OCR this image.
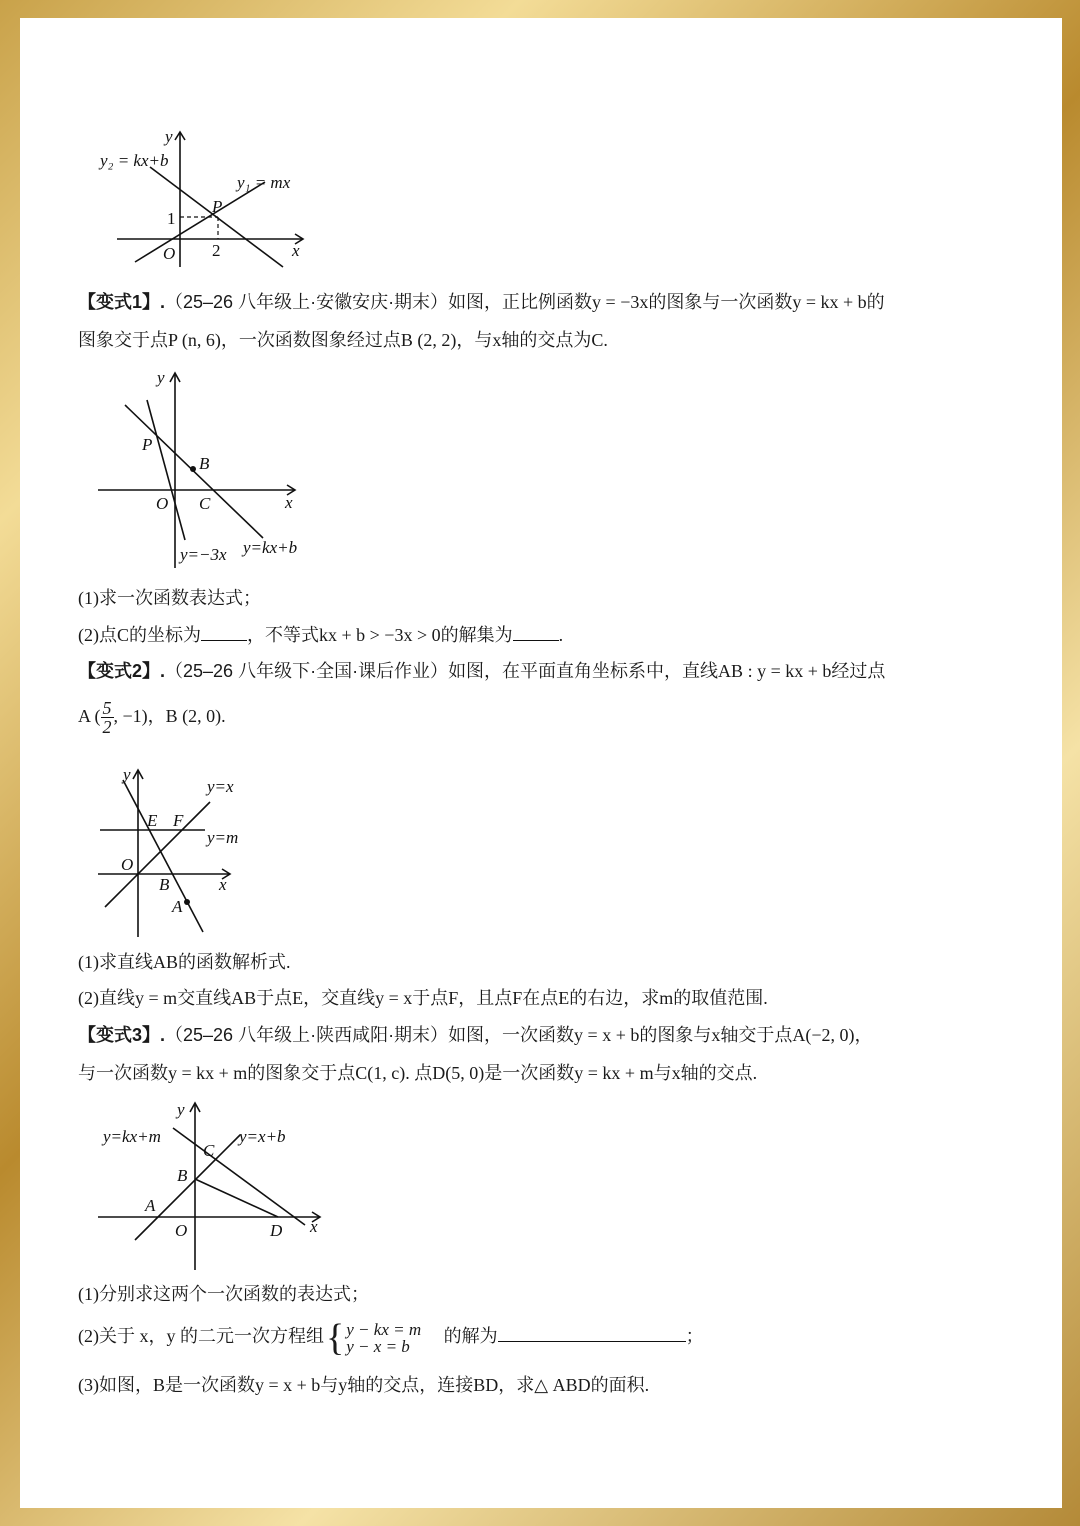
y₂ = kx+b
y₁ = mx
P
O	x
y
1
2
【变式1】.（25–26 八年级上·安徽安庆·期末）如图，正比例函数y = −3x的图象与一次函数y = kx + b的
图象交于点P (n, 6)，一次函数图象经过点B (2, 2)，与x轴的交点为C.
y
x
P
B
O C
y=−3x y=kx+b
(1)求一次函数表达式；
(2)点C的坐标为	，不等式kx + b > −3x > 0的解集为	.
【变式2】.（25–26 八年级下·全国·课后作业）如图，在平面直角坐标系中，直线AB : y = kx + b经过点
A ( $\frac{5}{2}$ , −1)，B (2, 0).
y
x
E F
O
B
A
y=x
y=m
(1)求直线AB的函数解析式.
(2)直线y = m交直线AB于点E，交直线y = x于点F，且点F在点E的右边，求m的取值范围.
【变式3】.（25–26 八年级上·陕西咸阳·期末）如图，一次函数y = x + b的图象与x轴交于点A(−2, 0)，
与一次函数y = kx + m的图象交于点C(1, c). 点D(5, 0)是一次函数y = kx + m与x轴的交点.
y
x
y=kx+m	y=x+b
C
B
A
O	D
(1)分别求这两个一次函数的表达式；
(2)关于 x，y 的二元一次方程组{ y − kx = m
y − x = b
的解为	；
(3)如图，B是一次函数y = x + b与y轴的交点，连接BD，求△ ABD的面积.
